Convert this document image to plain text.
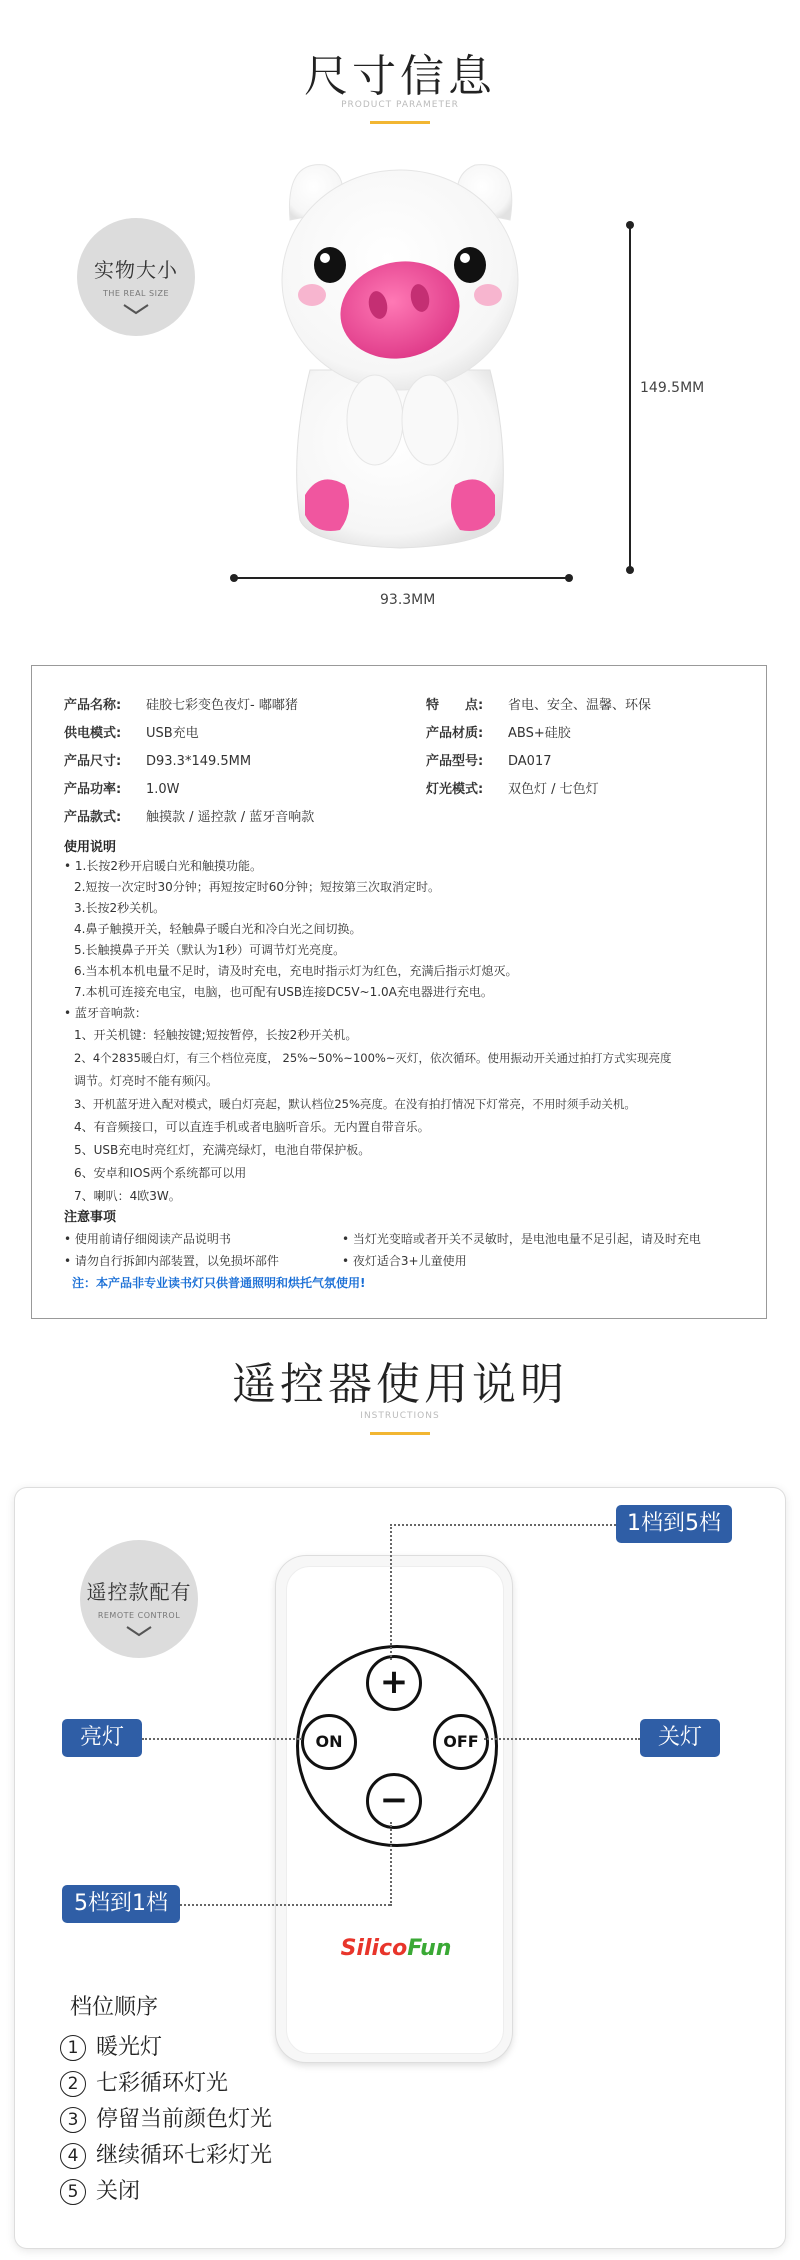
尺寸信息
PRODUCT PARAMETER
实物大小
THE REAL SIZE
149.5MM
93.3MM
产品名称: 硅胶七彩变色夜灯- 嘟嘟猪
供电模式: USB充电
产品尺寸: D93.3*149.5MM
产品功率: 1.0W
产品款式: 触摸款 / 遥控款 / 蓝牙音响款
特　　点: 省电、安全、温馨、环保
产品材质: ABS+硅胶
产品型号: DA017
灯光模式: 双色灯 / 七色灯
使用说明
• 1.长按2秒开启暖白光和触摸功能。
2.短按一次定时30分钟；再短按定时60分钟；短按第三次取消定时。
3.长按2秒关机。
4.鼻子触摸开关，轻触鼻子暖白光和冷白光之间切换。
5.长触摸鼻子开关（默认为1秒）可调节灯光亮度。
6.当本机本机电量不足时，请及时充电，充电时指示灯为红色，充满后指示灯熄灭。
7.本机可连接充电宝，电脑，也可配有USB连接DC5V~1.0A充电器进行充电。
• 蓝牙音响款：
1、开关机键：轻触按键;短按暂停，长按2秒开关机。
2、4个2835暖白灯，有三个档位亮度， 25%~50%~100%~灭灯，依次循环。使用振动开关通过拍打方式实现亮度
调节。灯亮时不能有频闪。
3、开机蓝牙进入配对模式，暖白灯亮起，默认档位25%亮度。在没有拍打情况下灯常亮，不用时须手动关机。
4、有音频接口，可以直连手机或者电脑听音乐。无内置自带音乐。
5、USB充电时亮红灯，充满亮绿灯，电池自带保护板。
6、安卓和IOS两个系统都可以用
7、喇叭：4欧3W。
注意事项
• 使用前请仔细阅读产品说明书	• 当灯光变暗或者开关不灵敏时，是电池电量不足引起，请及时充电
• 请勿自行拆卸内部装置，以免损坏部件	• 夜灯适合3+儿童使用
注：本产品非专业读书灯只供普通照明和烘托气氛使用!
遥控器使用说明
INSTRUCTIONS
遥控款配有
REMOTE CONTROL
+
−
ON	OFF
SilicoFun
1档到5档
亮灯	关灯
5档到1档
档位顺序
1 暖光灯
2 七彩循环灯光
3 停留当前颜色灯光
4 继续循环七彩灯光
5 关闭
